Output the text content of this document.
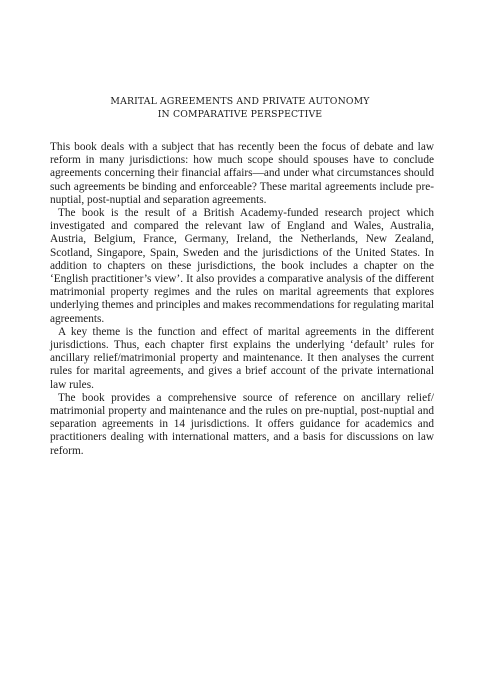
MARITAL AGREEMENTS AND PRIVATE AUTONOMY

IN COMPARATIVE PERSPECTIVE

This book deals with a subject that has recently been the focus of debate and law reform in many jurisdictions: how much scope should spouses have to conclude agreements concerning their financial affairs—and under what circumstances should such agreements be binding and enforceable? These marital agreements include pre-nuptial, post-nuptial and separation agreements.

The book is the result of a British Academy-funded research project which investigated and compared the relevant law of England and Wales, Australia, Austria, Belgium, France, Germany, Ireland, the Netherlands, New Zealand, Scotland, Singapore, Spain, Sweden and the jurisdictions of the United States. In addition to chapters on these jurisdictions, the book includes a chapter on the ‘English practitioner’s view’. It also provides a comparative analysis of the different matrimonial property regimes and the rules on marital agreements that explores underlying themes and principles and makes recommendations for regulating marital agreements.

A key theme is the function and effect of marital agreements in the different jurisdictions. Thus, each chapter first explains the underlying ‘default’ rules for ancillary relief/matrimonial property and maintenance. It then analyses the current rules for marital agreements, and gives a brief account of the private international law rules.

The book provides a comprehensive source of reference on ancillary relief/ matrimonial property and maintenance and the rules on pre-nuptial, post-nuptial and separation agreements in 14 jurisdictions. It offers guidance for academics and practitioners dealing with international matters, and a basis for discussions on law reform.
